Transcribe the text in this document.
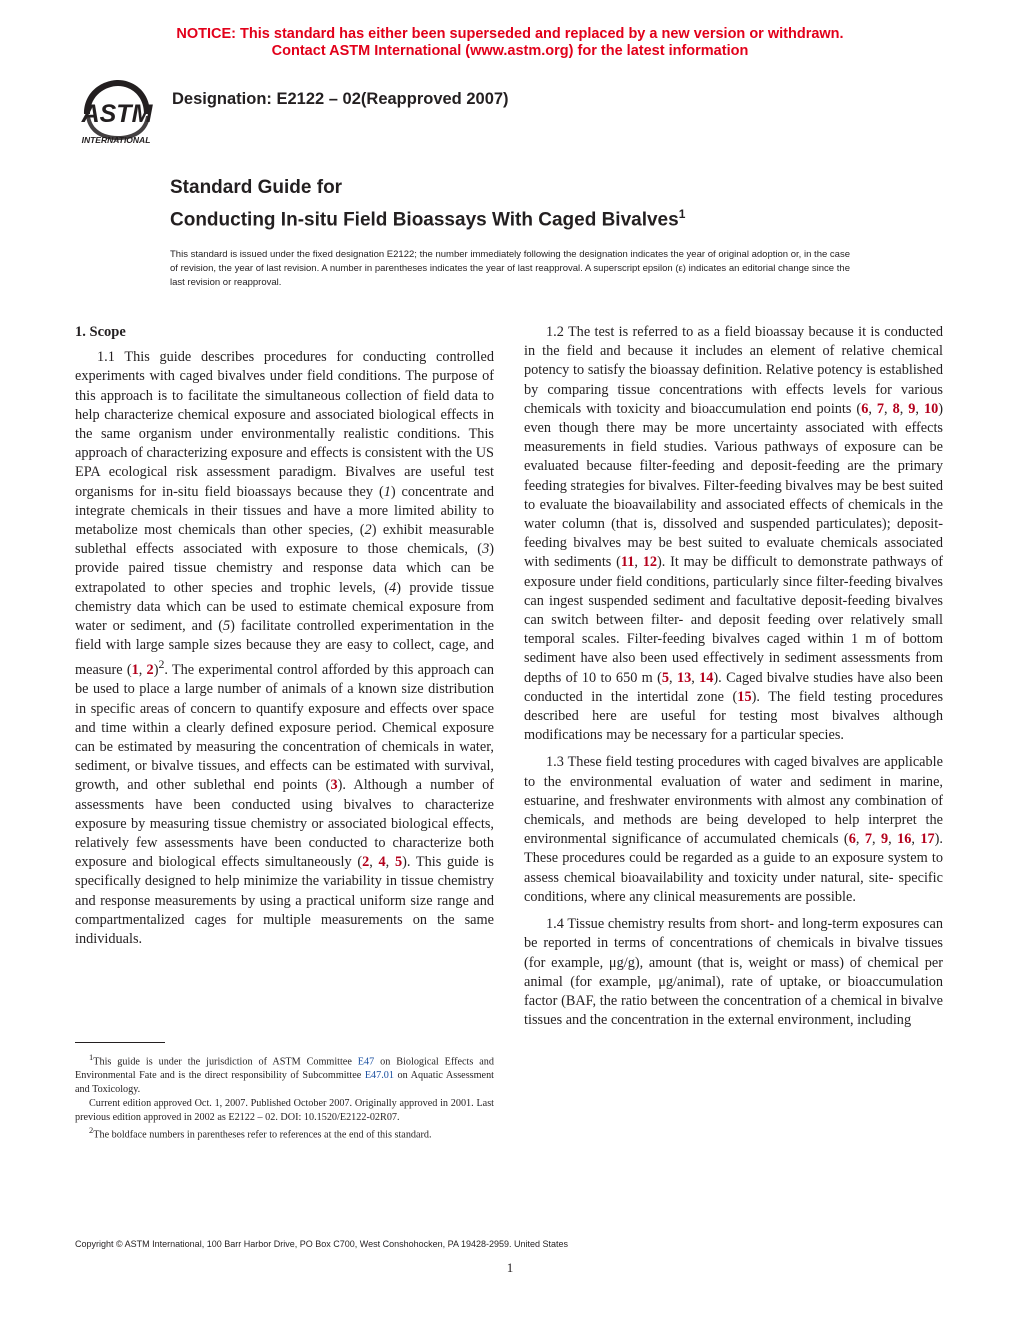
NOTICE: This standard has either been superseded and replaced by a new version or withdrawn.
Contact ASTM International (www.astm.org) for the latest information
ASTM
INTERNATIONAL
Designation: E2122 – 02(Reapproved 2007)
Standard Guide for
Conducting In-situ Field Bioassays With Caged Bivalves$^1$
This standard is issued under the fixed designation E2122; the number immediately following the designation indicates the year of original adoption or, in the case of revision, the year of last revision. A number in parentheses indicates the year of last reapproval. A superscript epsilon (ε) indicates an editorial change since the last revision or reapproval.
1. Scope

1.1 This guide describes procedures for conducting controlled experiments with caged bivalves under field conditions. The purpose of this approach is to facilitate the simultaneous collection of field data to help characterize chemical exposure and associated biological effects in the same organism under environmentally realistic conditions. This approach of characterizing exposure and effects is consistent with the US EPA ecological risk assessment paradigm. Bivalves are useful test organisms for in-situ field bioassays because they (1) concentrate and integrate chemicals in their tissues and have a more limited ability to metabolize most chemicals than other species, (2) exhibit measurable sublethal effects associated with exposure to those chemicals, (3) provide paired tissue chemistry and response data which can be extrapolated to other species and trophic levels, (4) provide tissue chemistry data which can be used to estimate chemical exposure from water or sediment, and (5) facilitate controlled experimentation in the field with large sample sizes because they are easy to collect, cage, and measure (1, 2)$^2$. The experimental control afforded by this approach can be used to place a large number of animals of a known size distribution in specific areas of concern to quantify exposure and effects over space and time within a clearly defined exposure period. Chemical exposure can be estimated by measuring the concentration of chemicals in water, sediment, or bivalve tissues, and effects can be estimated with survival, growth, and other sublethal end points (3). Although a number of assessments have been conducted using bivalves to characterize exposure by measuring tissue chemistry or associated biological effects, relatively few assessments have been conducted to characterize both exposure and biological effects simultaneously (2, 4, 5). This guide is specifically designed to help minimize the variability in tissue chemistry and response measurements by using a practical uniform size range and compartmentalized cages for multiple measurements on the same individuals.

$^1$This guide is under the jurisdiction of ASTM Committee E47 on Biological Effects and Environmental Fate and is the direct responsibility of Subcommittee E47.01 on Aquatic Assessment and Toxicology.

Current edition approved Oct. 1, 2007. Published October 2007. Originally approved in 2001. Last previous edition approved in 2002 as E2122 – 02. DOI: 10.1520/E2122-02R07.

$^2$The boldface numbers in parentheses refer to references at the end of this standard.

1.2 The test is referred to as a field bioassay because it is conducted in the field and because it includes an element of relative chemical potency to satisfy the bioassay definition. Relative potency is established by comparing tissue concentrations with effects levels for various chemicals with toxicity and bioaccumulation end points (6, 7, 8, 9, 10) even though there may be more uncertainty associated with effects measurements in field studies. Various pathways of exposure can be evaluated because filter-feeding and deposit-feeding are the primary feeding strategies for bivalves. Filter-feeding bivalves may be best suited to evaluate the bioavailability and associated effects of chemicals in the water column (that is, dissolved and suspended particulates); deposit-feeding bivalves may be best suited to evaluate chemicals associated with sediments (11, 12). It may be difficult to demonstrate pathways of exposure under field conditions, particularly since filter-feeding bivalves can ingest suspended sediment and facultative deposit-feeding bivalves can switch between filter- and deposit feeding over relatively small temporal scales. Filter-feeding bivalves caged within 1 m of bottom sediment have also been used effectively in sediment assessments from depths of 10 to 650 m (5, 13, 14). Caged bivalve studies have also been conducted in the intertidal zone (15). The field testing procedures described here are useful for testing most bivalves although modifications may be necessary for a particular species.

1.3 These field testing procedures with caged bivalves are applicable to the environmental evaluation of water and sediment in marine, estuarine, and freshwater environments with almost any combination of chemicals, and methods are being developed to help interpret the environmental significance of accumulated chemicals (6, 7, 9, 16, 17). These procedures could be regarded as a guide to an exposure system to assess chemical bioavailability and toxicity under natural, site- specific conditions, where any clinical measurements are possible.

1.4 Tissue chemistry results from short- and long-term exposures can be reported in terms of concentrations of chemicals in bivalve tissues (for example, μg/g), amount (that is, weight or mass) of chemical per animal (for example, μg/animal), rate of uptake, or bioaccumulation factor (BAF, the ratio between the concentration of a chemical in bivalve tissues and the concentration in the external environment, including

Copyright © ASTM International, 100 Barr Harbor Drive, PO Box C700, West Conshohocken, PA 19428-2959. United States
1
